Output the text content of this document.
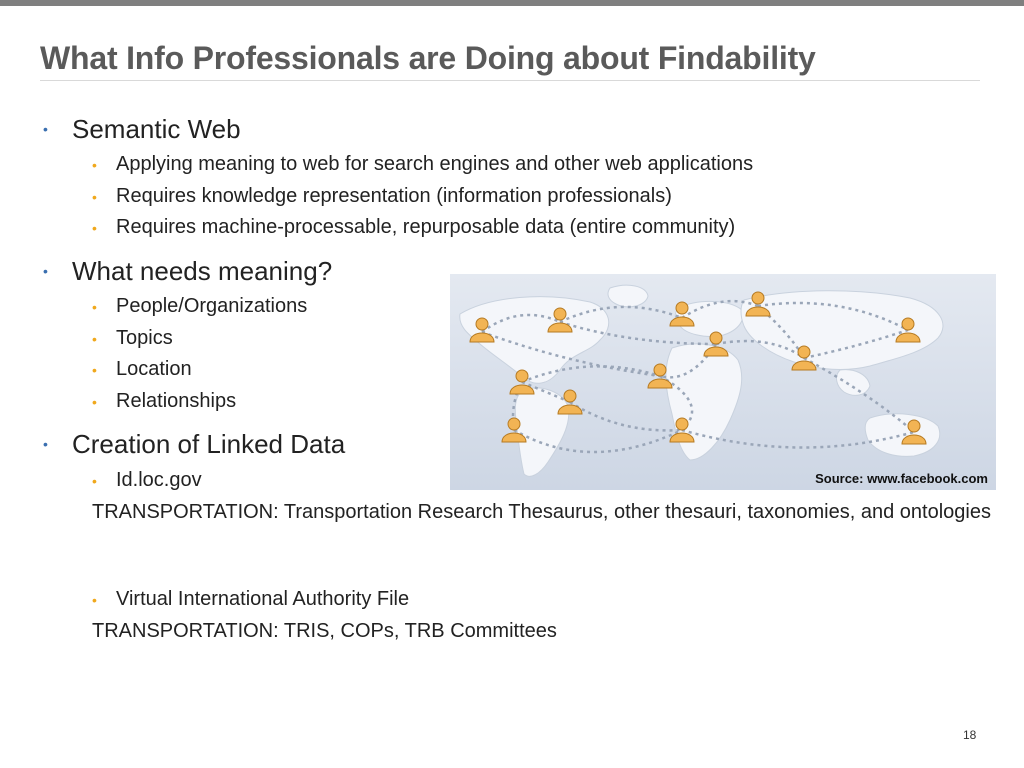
What Info Professionals are Doing about Findability
• Semantic Web
• Applying meaning to web for search engines and other web applications
• Requires knowledge representation (information professionals)
• Requires machine-processable, repurposable data (entire community)
• What needs meaning?
• People/Organizations
• Topics
• Location
• Relationships
• Creation of Linked Data
• Id.loc.gov
TRANSPORTATION: Transportation Research Thesaurus, other thesauri, taxonomies, and ontologies
• Virtual International Authority File
TRANSPORTATION: TRIS, COPs, TRB Committees
Source: www.facebook.com
18
